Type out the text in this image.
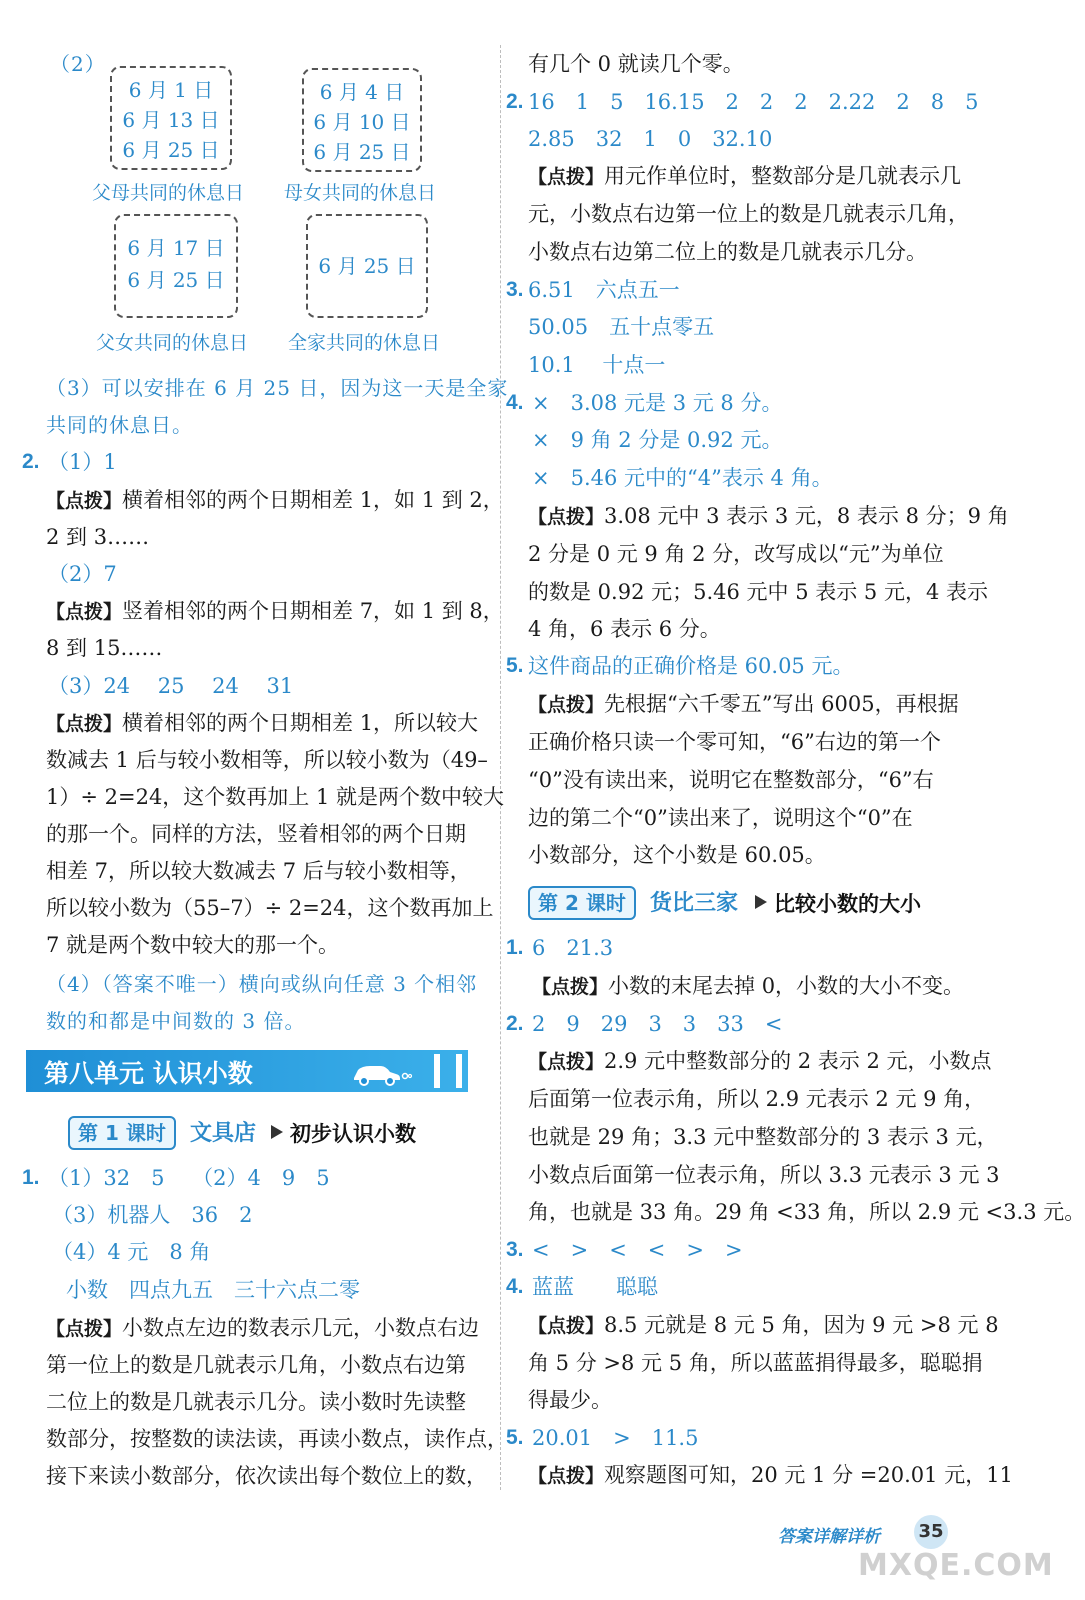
（2）
6 月 1 日
6 月 13 日
6 月 25 日
父母共同的休息日
6 月 4 日
6 月 10 日
6 月 25 日
母女共同的休息日
6 月 17 日
6 月 25 日
父女共同的休息日
6 月 25 日
全家共同的休息日
（3）可以安排在 6 月 25 日，因为这一天是全家
共同的休息日。
2. （1）1
【点拨】横着相邻的两个日期相差 1，如 1 到 2，
2 到 3……
（2）7
【点拨】竖着相邻的两个日期相差 7，如 1 到 8，
8 到 15……
（3）24　 25　 24　 31
【点拨】横着相邻的两个日期相差 1，所以较大
数减去 1 后与较小数相等，所以较小数为（49–
1）÷ 2=24，这个数再加上 1 就是两个数中较大
的那一个。同样的方法，竖着相邻的两个日期
相差 7，所以较大数减去 7 后与较小数相等，
所以较小数为（55–7）÷ 2=24，这个数再加上
7 就是两个数中较大的那一个。
（4）（答案不唯一）横向或纵向任意 3 个相邻
数的和都是中间数的 3 倍。
第八单元 认识小数
第 1 课时	文具店 初步认识小数
1. （1）32　5　 （2）4　9　5
（3）机器人　36　2
（4）4 元　8 角
小数　四点九五　三十六点二零
【点拨】小数点左边的数表示几元，小数点右边
第一位上的数是几就表示几角，小数点右边第
二位上的数是几就表示几分。读小数时先读整
数部分，按整数的读法读，再读小数点，读作点，
接下来读小数部分，依次读出每个数位上的数，
有几个 0 就读几个零。
2. 16　1　5　16.15　2　2　2　2.22　2　8　5
2.85　32　1　0　32.10
【点拨】用元作单位时，整数部分是几就表示几
元，小数点右边第一位上的数是几就表示几角，
小数点右边第二位上的数是几就表示几分。
3. 6.51　六点五一
50.05　五十点零五
10.1　 十点一
4. ×　3.08 元是 3 元 8 分。
×　9 角 2 分是 0.92 元。
×　5.46 元中的“4”表示 4 角。
【点拨】3.08 元中 3 表示 3 元，8 表示 8 分；9 角
2 分是 0 元 9 角 2 分，改写成以“元”为单位
的数是 0.92 元；5.46 元中 5 表示 5 元，4 表示
4 角，6 表示 6 分。
5. 这件商品的正确价格是 60.05 元。
【点拨】先根据“六千零五”写出 6005，再根据
正确价格只读一个零可知，“6”右边的第一个
“0”没有读出来，说明它在整数部分，“6”右
边的第二个“0”读出来了，说明这个“0”在
小数部分，这个小数是 60.05。
第 2 课时	货比三家 比较小数的大小
1. 6　21.3
【点拨】小数的末尾去掉 0，小数的大小不变。
2. 2　9　29　3　3　33　<
【点拨】2.9 元中整数部分的 2 表示 2 元，小数点
后面第一位表示角，所以 2.9 元表示 2 元 9 角，
也就是 29 角；3.3 元中整数部分的 3 表示 3 元，
小数点后面第一位表示角，所以 3.3 元表示 3 元 3
角，也就是 33 角。29 角 <33 角，所以 2.9 元 <3.3 元。
3. <　>　<　<　>　>
4. 蓝蓝　　聪聪
【点拨】8.5 元就是 8 元 5 角，因为 9 元 >8 元 8
角 5 分 >8 元 5 角，所以蓝蓝捐得最多，聪聪捐
得最少。
5. 20.01　>　11.5
【点拨】观察题图可知，20 元 1 分 =20.01 元，11
答案详解详析 35
MXQE.COM
